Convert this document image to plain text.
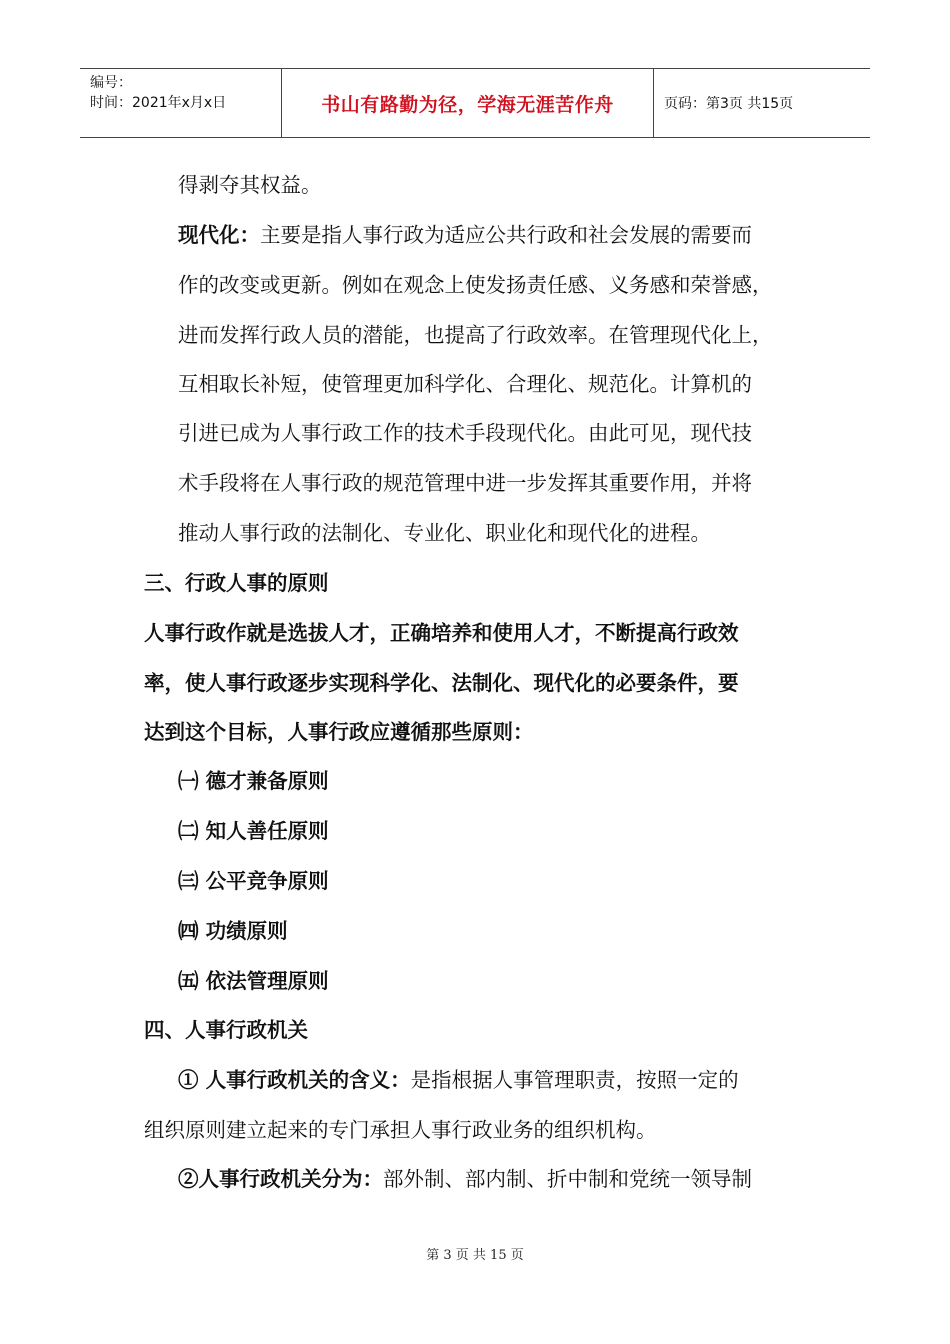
编号：
时间：2021年x月x日	书山有路勤为径，学海无涯苦作舟	页码：第3页 共15页
得剥夺其权益。
现代化：主要是指人事行政为适应公共行政和社会发展的需要而
作的改变或更新。例如在观念上使发扬责任感、义务感和荣誉感，
进而发挥行政人员的潜能，也提高了行政效率。在管理现代化上，
互相取长补短，使管理更加科学化、合理化、规范化。计算机的
引进已成为人事行政工作的技术手段现代化。由此可见，现代技
术手段将在人事行政的规范管理中进一步发挥其重要作用，并将
推动人事行政的法制化、专业化、职业化和现代化的进程。
三、行政人事的原则
人事行政作就是选拔人才，正确培养和使用人才，不断提高行政效
率，使人事行政逐步实现科学化、法制化、现代化的必要条件，要
达到这个目标，人事行政应遵循那些原则：
㈠ 德才兼备原则
㈡ 知人善任原则
㈢ 公平竞争原则
㈣ 功绩原则
㈤ 依法管理原则
四、人事行政机关
① 人事行政机关的含义：是指根据人事管理职责，按照一定的
组织原则建立起来的专门承担人事行政业务的组织机构。
②人事行政机关分为：部外制、部内制、折中制和党统一领导制
第 3 页 共 15 页
